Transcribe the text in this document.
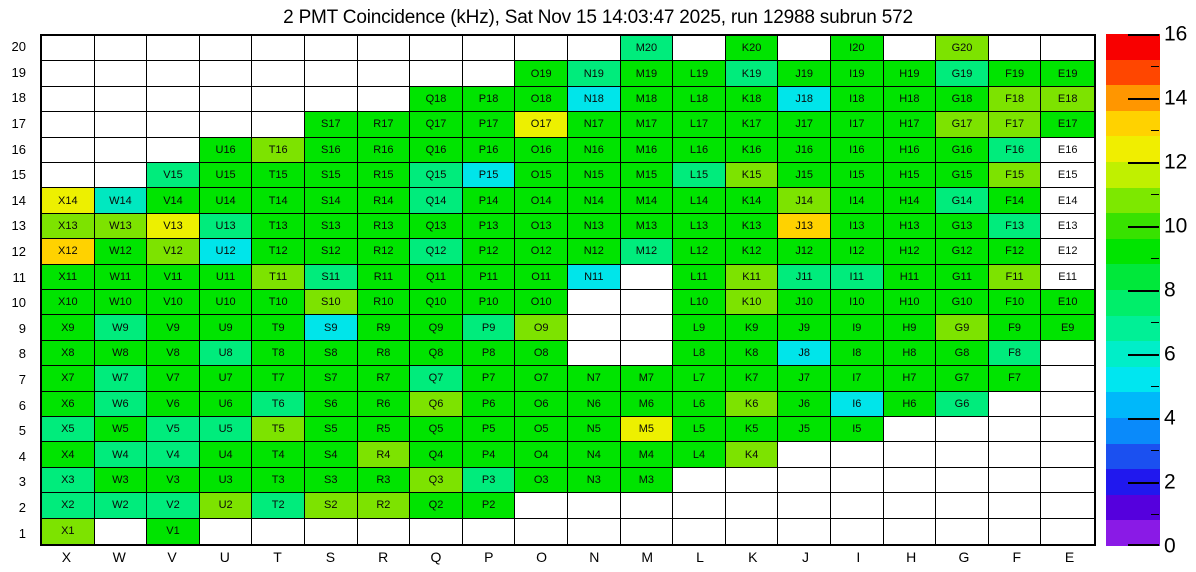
2 PMT Coincidence (kHz), Sat Nov 15 14:03:47 2025, run 12988 subrun 572
20
19
18
17
16
15
14
13
12
11
10
9
8
7
6
5
4
3
2
1
M20	K20	I20	G20
O19	N19	M19	L19	K19	J19	I19	H19	G19	F19	E19
Q18	P18	O18	N18	M18	L18	K18	J18	I18	H18	G18	F18	E18
S17	R17	Q17	P17	O17	N17	M17	L17	K17	J17	I17	H17	G17	F17	E17
U16	T16	S16	R16	Q16	P16	O16	N16	M16	L16	K16	J16	I16	H16	G16	F16	E16
V15	U15	T15	S15	R15	Q15	P15	O15	N15	M15	L15	K15	J15	I15	H15	G15	F15	E15
X14	W14	V14	U14	T14	S14	R14	Q14	P14	O14	N14	M14	L14	K14	J14	I14	H14	G14	F14	E14
X13	W13	V13	U13	T13	S13	R13	Q13	P13	O13	N13	M13	L13	K13	J13	I13	H13	G13	F13	E13
X12	W12	V12	U12	T12	S12	R12	Q12	P12	O12	N12	M12	L12	K12	J12	I12	H12	G12	F12	E12
X11	W11	V11	U11	T11	S11	R11	Q11	P11	O11	N11	L11	K11	J11	I11	H11	G11	F11	E11
X10	W10	V10	U10	T10	S10	R10	Q10	P10	O10	L10	K10	J10	I10	H10	G10	F10	E10
X9	W9	V9	U9	T9	S9	R9	Q9	P9	O9	L9	K9	J9	I9	H9	G9	F9	E9
X8	W8	V8	U8	T8	S8	R8	Q8	P8	O8	L8	K8	J8	I8	H8	G8	F8
X7	W7	V7	U7	T7	S7	R7	Q7	P7	O7	N7	M7	L7	K7	J7	I7	H7	G7	F7
X6	W6	V6	U6	T6	S6	R6	Q6	P6	O6	N6	M6	L6	K6	J6	I6	H6	G6
X5	W5	V5	U5	T5	S5	R5	Q5	P5	O5	N5	M5	L5	K5	J5	I5
X4	W4	V4	U4	T4	S4	R4	Q4	P4	O4	N4	M4	L4	K4
X3	W3	V3	U3	T3	S3	R3	Q3	P3	O3	N3	M3
X2	W2	V2	U2	T2	S2	R2	Q2	P2
X1	V1
X	W	V	U	T	S	R	Q	P	O	N	M	L	K	J	I	H	G	F	E	0
2
4
6
8
10
12
14
16
